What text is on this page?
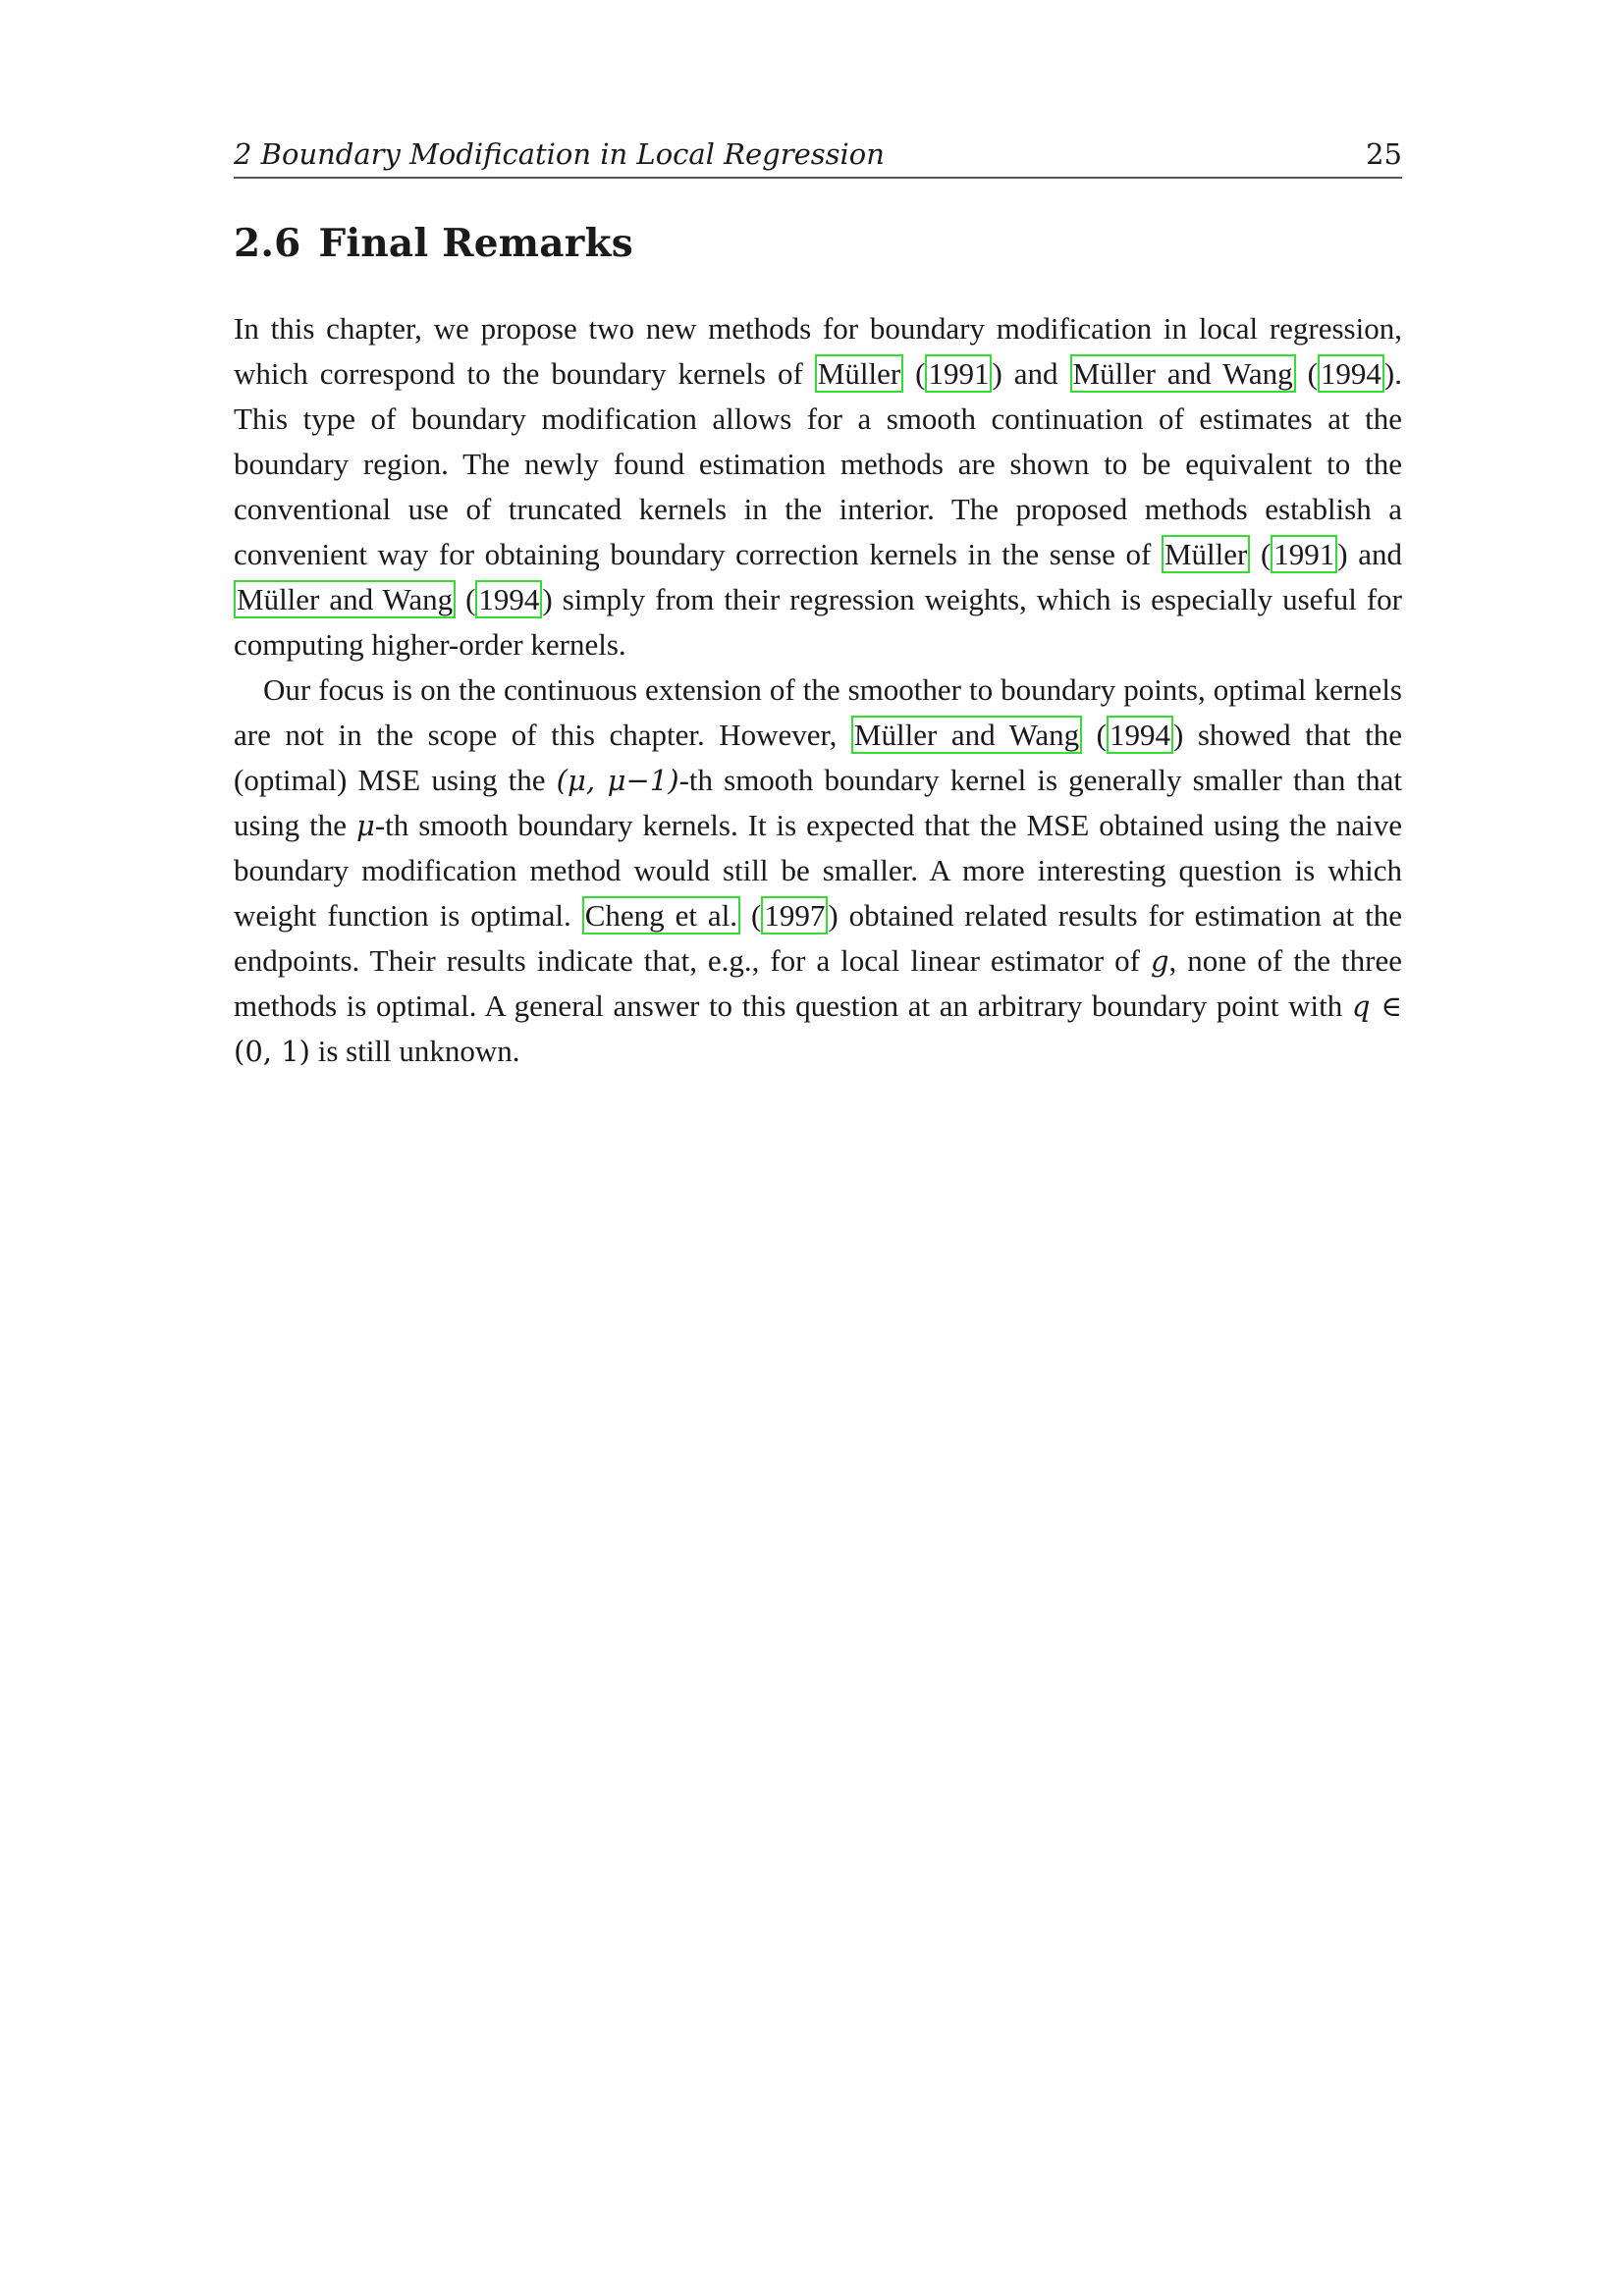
2 Boundary Modification in Local Regression	25
2.6 Final Remarks

In this chapter, we propose two new methods for boundary modification in local regression, which correspond to the boundary kernels of Müller (1991) and Müller and Wang (1994). This type of boundary modification allows for a smooth continuation of estimates at the boundary region. The newly found estimation methods are shown to be equivalent to the conventional use of truncated kernels in the interior. The proposed methods establish a convenient way for obtaining boundary correction kernels in the sense of Müller (1991) and Müller and Wang (1994) simply from their regression weights, which is especially useful for computing higher-order kernels.

Our focus is on the continuous extension of the smoother to boundary points, optimal kernels are not in the scope of this chapter. However, Müller and Wang (1994) showed that the (optimal) MSE using the (μ, μ−1)-th smooth boundary kernel is generally smaller than that using the μ-th smooth boundary kernels. It is expected that the MSE obtained using the naive boundary modification method would still be smaller. A more interesting question is which weight function is optimal. Cheng et al. (1997) obtained related results for estimation at the endpoints. Their results indicate that, e.g., for a local linear estimator of g, none of the three methods is optimal. A general answer to this question at an arbitrary boundary point with q ∈ (0, 1) is still unknown.
